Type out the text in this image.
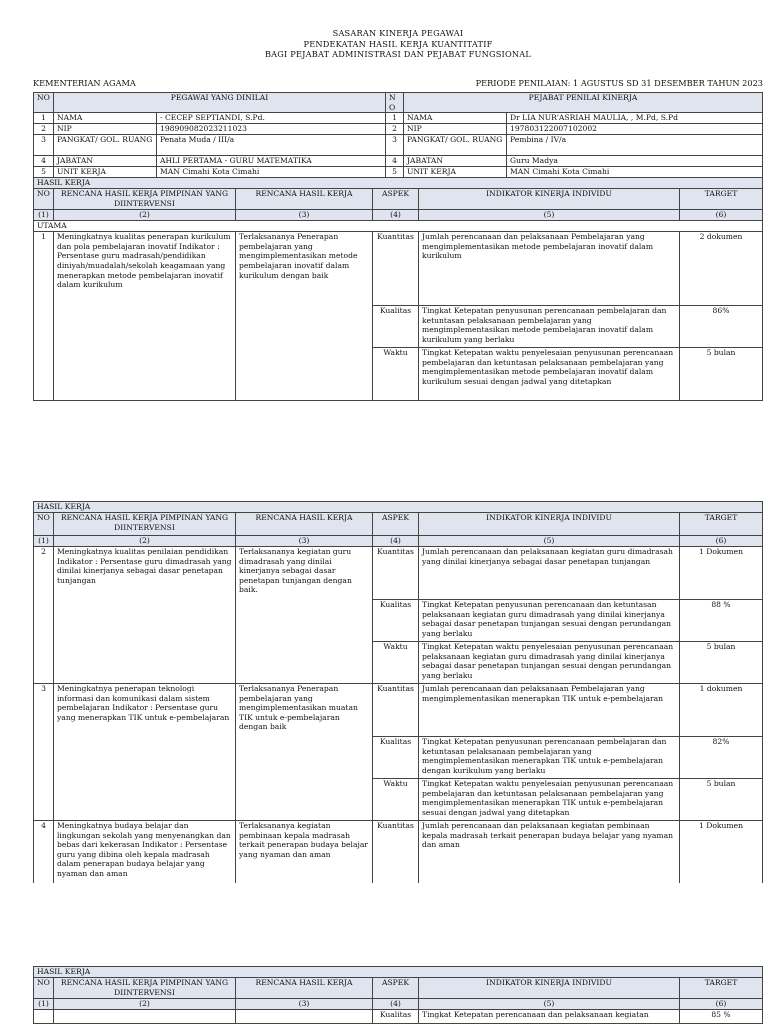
SASARAN KINERJA PEGAWAI
PENDEKATAN HASIL KERJA KUANTITATIF
BAGI PEJABAT ADMINISTRASI DAN PEJABAT FUNGSIONAL
KEMENTERIAN AGAMA	PERIODE PENILAIAN: 1 AGUSTUS SD 31 DESEMBER TAHUN 2023
NO	PEGAWAI YANG DINILAI		NO	PEJABAT PENILAI KINERJA	
1	NAMA	- CECEP SEPTIANDI, S.Pd.	1	NAMA	Dr LIA NUR'ASRIAH MAULIA, , M.Pd, S.Pd
2	NIP	198909082023211023	2	NIP	197803122007102002
3	PANGKAT/ GOL. RUANG	Penata Muda / III/a	3	PANGKAT/ GOL. RUANG	Pembina / IV/a
4	JABATAN	AHLI PERTAMA - GURU MATEMATIKA	4	JABATAN	Guru Madya
5	UNIT KERJA	MAN Cimahi Kota Cimahi	5	UNIT KERJA	MAN Cimahi Kota Cimahi
HASIL KERJA					
NO	RENCANA HASIL KERJA PIMPINAN YANG DIINTERVENSI	RENCANA HASIL KERJA	ASPEK	INDIKATOR KINERJA INDIVIDU	TARGET
(1)	(2)	(3)	(4)	(5)	(6)
UTAMA					
1	Meningkatnya kualitas penerapan kurikulum dan pola pembelajaran inovatif Indikator : Persentase guru madrasah/pendidikan diniyah/muadalah/sekolah keagamaan yang menerapkan metode pembelajaran inovatif dalam kurikulum	Terlaksananya Penerapan pembelajaran yang mengimplementasikan metode pembelajaran inovatif dalam kurikulum dengan baik	Kuantitas	Jumlah perencanaan dan pelaksanaan Pembelajaran yang mengimplementasikan metode pembelajaran inovatif dalam kurikulum	2 dokumen
			Kualitas	Tingkat Ketepatan penyusunan perencanaan pembelajaran dan ketuntasan pelaksanaan pembelajaran yang mengimplementasikan metode pembelajaran inovatif dalam kurikulum yang berlaku	86%
			Waktu	Tingkat Ketepatan waktu penyelesaian penyusunan perencanaan pembelajaran dan ketuntasan pelaksanaan pembelajaran yang mengimplementasikan metode pembelajaran inovatif dalam kurikulum sesuai dengan jadwal yang ditetapkan	5 bulan
HASIL KERJA					
NO	RENCANA HASIL KERJA PIMPINAN YANG DIINTERVENSI	RENCANA HASIL KERJA	ASPEK	INDIKATOR KINERJA INDIVIDU	TARGET
(1)	(2)	(3)	(4)	(5)	(6)
2	Meningkatnya kualitas penilaian pendidikan Indikator : Persentase guru dimadrasah yang dinilai kinerjanya sebagai dasar penetapan tunjangan	Terlaksananya kegiatan guru dimadrasah yang dinilai kinerjanya sebagai dasar penetapan tunjangan dengan baik.	Kuantitas	Jumlah perencanaan dan pelaksanaan kegiatan guru dimadrasah yang dinilai kinerjanya sebagai dasar penetapan tunjangan	1 Dokumen
			Kualitas	Tingkat Ketepatan penyusunan perencanaan dan ketuntasan pelaksanaan kegiatan guru dimadrasah yang dinilai kinerjanya sebagai dasar penetapan tunjangan sesuai dengan perundangan yang berlaku	88 %
			Waktu	Tingkat Ketepatan waktu penyelesaian penyusunan perencanaan pelaksanaan kegiatan guru dimadrasah yang dinilai kinerjanya sebagai dasar penetapan tunjangan sesuai dengan perundangan yang berlaku	5 bulan
3	Meningkatnya penerapan teknologi informasi dan komunikasi dalam sistem pembelajaran Indikator : Persentase guru yang menerapkan TIK untuk e-pembelajaran	Terlaksananya Penerapan pembelajaran yang mengimplementasikan muatan TIK untuk e-pembelajaran dengan baik	Kuantitas	Jumlah perencanaan dan pelaksanaan Pembelajaran yang mengimplementasikan menerapkan TIK untuk e-pembelajaran	1 dokumen
			Kualitas	Tingkat Ketepatan penyusunan perencanaan pembelajaran dan ketuntasan pelaksanaan pembelajaran yang mengimplementasikan menerapkan TIK untuk e-pembelajaran dengan kurikulum yang berlaku	82%
			Waktu	Tingkat Ketepatan waktu penyelesaian penyusunan perencanaan pembelajaran dan ketuntasan pelaksanaan pembelajaran yang mengimplementasikan menerapkan TIK untuk e-pembelajaran sesuai dengan jadwal yang ditetapkan	5 bulan
4	Meningkatnya budaya belajar dan lingkungan sekolah yang menyenangkan dan bebas dari kekerasan Indikator : Persentase guru yang dibina oleh kepala madrasah dalam penerapan budaya belajar yang nyaman dan aman	Terlaksananya kegiatan pembinaan kepala madrasah terkait penerapan budaya belajar yang nyaman dan aman	Kuantitas	Jumlah perencanaan dan pelaksanaan kegiatan pembinaan kepala madrasah terkait penerapan budaya belajar yang nyaman dan aman	1 Dokumen
HASIL KERJA					
NO	RENCANA HASIL KERJA PIMPINAN YANG DIINTERVENSI	RENCANA HASIL KERJA	ASPEK	INDIKATOR KINERJA INDIVIDU	TARGET
(1)	(2)	(3)	(4)	(5)	(6)
			Kualitas	Tingkat Ketepatan perencanaan dan pelaksanaan kegiatan	85 %
